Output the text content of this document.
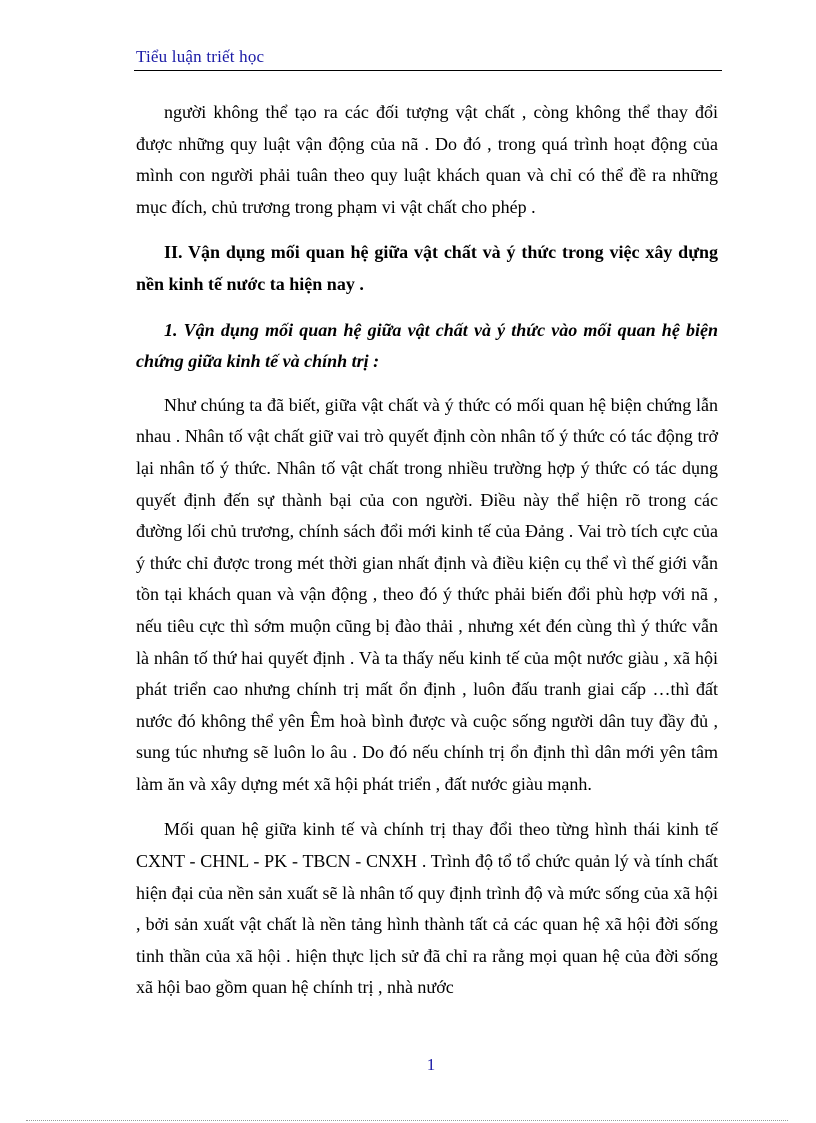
Tiểu luận triết học

người không thể tạo ra các đối tượng vật chất , còng không thể thay đổi được những quy luật vận động của nã . Do đó , trong quá trình hoạt động của mình con người phải tuân theo quy luật khách quan và chỉ có thể đề ra những mục đích, chủ trương trong phạm vi vật chất cho phép .

II. Vận dụng mối quan hệ giữa vật chất và ý thức trong việc xây dựng nền kinh tế nước ta hiện nay .
1. Vận dụng mối quan hệ giữa vật chất và ý thức vào mối quan hệ biện chứng giữa kinh tế và chính trị :

Như chúng ta đã biết, giữa vật chất và ý thức có mối quan hệ biện chứng lẫn nhau . Nhân tố vật chất giữ vai trò quyết định còn nhân tố ý thức có tác động trở lại nhân tố ý thức. Nhân tố vật chất trong nhiều trường hợp ý thức có tác dụng quyết định đến sự thành bại của con người. Điều này thể hiện rõ trong các đường lối chủ trương, chính sách đổi mới kinh tế của Đảng . Vai trò tích cực của ý thức chỉ được trong mét thời gian nhất định và điều kiện cụ thể vì thế giới vẫn tồn tại khách quan và vận động , theo đó ý thức phải biến đổi phù hợp với nã , nếu tiêu cực thì sớm muộn cũng bị đào thải , nhưng xét đén cùng thì ý thức vẫn là nhân tố thứ hai quyết định . Và ta thấy nếu kinh tế của một nước giàu , xã hội phát triển cao nhưng chính trị mất ổn định , luôn đấu tranh giai cấp …thì đất nước đó không thể yên Êm hoà bình được và cuộc sống người dân tuy đầy đủ , sung túc nhưng sẽ luôn lo âu . Do đó nếu chính trị ổn định thì dân mới yên tâm làm ăn và xây dựng mét xã hội phát triển , đất nước giàu mạnh.

Mối quan hệ giữa kinh tế và chính trị thay đổi theo từng hình thái kinh tế CXNT - CHNL - PK - TBCN - CNXH . Trình độ tổ tổ chức quản lý và tính chất hiện đại của nền sản xuất sẽ là nhân tố quy định trình độ và mức sống của xã hội , bởi sản xuất vật chất là nền tảng hình thành tất cả các quan hệ xã hội đời sống tinh thần của xã hội . hiện thực lịch sử đã chỉ ra rằng mọi quan hệ của đời sống xã hội bao gồm quan hệ chính trị , nhà nước

1
